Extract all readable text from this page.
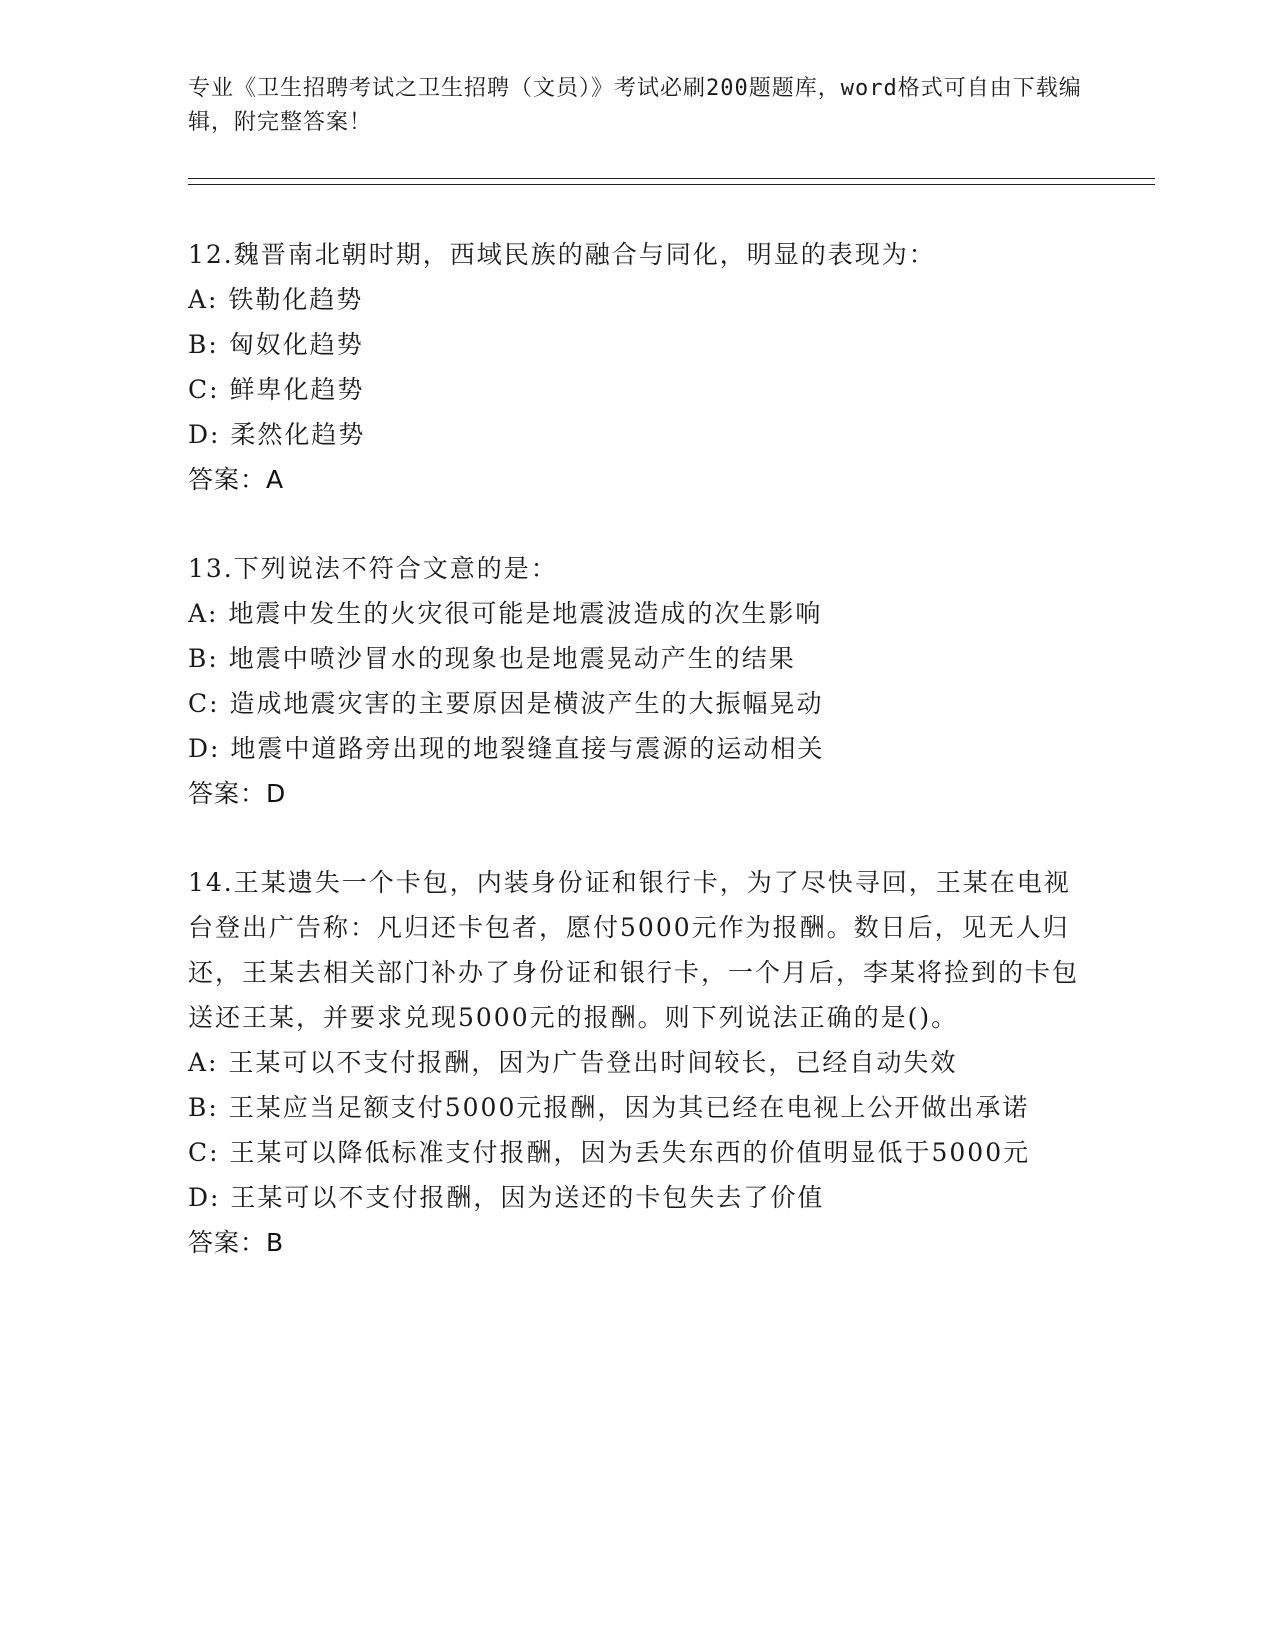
专业《卫生招聘考试之卫生招聘（文员）》考试必刷200题题库，word格式可自由下载编辑，附完整答案！

12.魏晋南北朝时期，西域民族的融合与同化，明显的表现为：

A: 铁勒化趋势

B: 匈奴化趋势

C: 鲜卑化趋势

D: 柔然化趋势

答案：A

13.下列说法不符合文意的是：

A: 地震中发生的火灾很可能是地震波造成的次生影响

B: 地震中喷沙冒水的现象也是地震晃动产生的结果

C: 造成地震灾害的主要原因是横波产生的大振幅晃动

D: 地震中道路旁出现的地裂缝直接与震源的运动相关

答案：D

14.王某遗失一个卡包，内装身份证和银行卡，为了尽快寻回，王某在电视台登出广告称：凡归还卡包者，愿付5000元作为报酬。数日后，见无人归还，王某去相关部门补办了身份证和银行卡，一个月后，李某将捡到的卡包送还王某，并要求兑现5000元的报酬。则下列说法正确的是()。

A: 王某可以不支付报酬，因为广告登出时间较长，已经自动失效

B: 王某应当足额支付5000元报酬，因为其已经在电视上公开做出承诺

C: 王某可以降低标准支付报酬，因为丢失东西的价值明显低于5000元

D: 王某可以不支付报酬，因为送还的卡包失去了价值

答案：B
